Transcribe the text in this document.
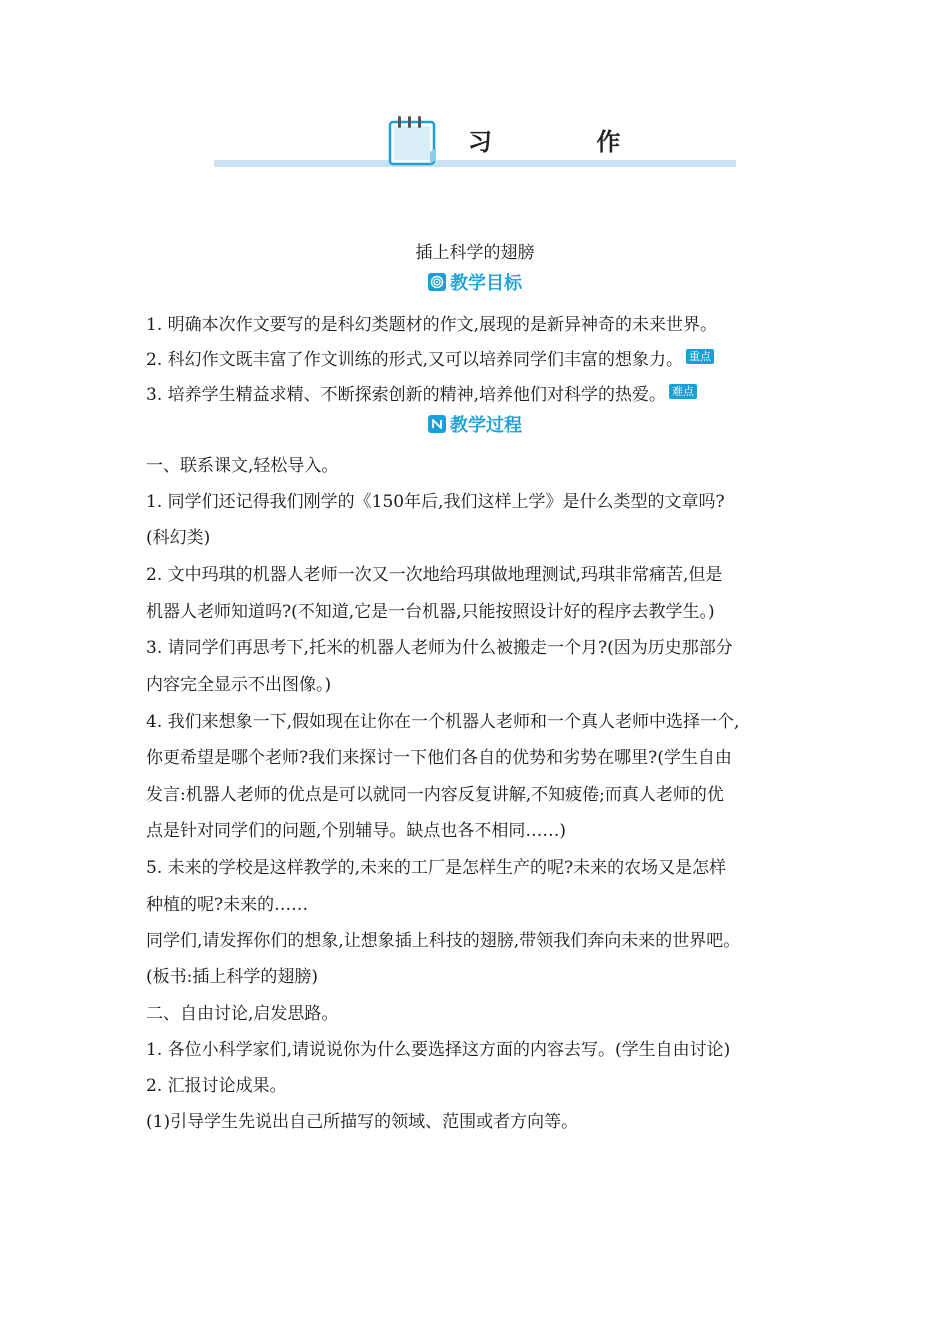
习 作
插上科学的翅膀
教学目标
1. 明确本次作文要写的是科幻类题材的作文,展现的是新异神奇的未来世界。
2. 科幻作文既丰富了作文训练的形式,又可以培养同学们丰富的想象力。 重点
3. 培养学生精益求精、不断探索创新的精神,培养他们对科学的热爱。 难点
教学过程
一、联系课文,轻松导入。
1. 同学们还记得我们刚学的《150年后,我们这样上学》是什么类型的文章吗?
(科幻类)
2. 文中玛琪的机器人老师一次又一次地给玛琪做地理测试,玛琪非常痛苦,但是
机器人老师知道吗?(不知道,它是一台机器,只能按照设计好的程序去教学生。)
3. 请同学们再思考下,托米的机器人老师为什么被搬走一个月?(因为历史那部分
内容完全显示不出图像。)
4. 我们来想象一下,假如现在让你在一个机器人老师和一个真人老师中选择一个,
你更希望是哪个老师?我们来探讨一下他们各自的优势和劣势在哪里?(学生自由
发言:机器人老师的优点是可以就同一内容反复讲解,不知疲倦;而真人老师的优
点是针对同学们的问题,个别辅导。缺点也各不相同……)
5. 未来的学校是这样教学的,未来的工厂是怎样生产的呢?未来的农场又是怎样
种植的呢?未来的……
同学们,请发挥你们的想象,让想象插上科技的翅膀,带领我们奔向未来的世界吧。
(板书:插上科学的翅膀)
二、自由讨论,启发思路。
1. 各位小科学家们,请说说你为什么要选择这方面的内容去写。(学生自由讨论)
2. 汇报讨论成果。
(1)引导学生先说出自己所描写的领域、范围或者方向等。
